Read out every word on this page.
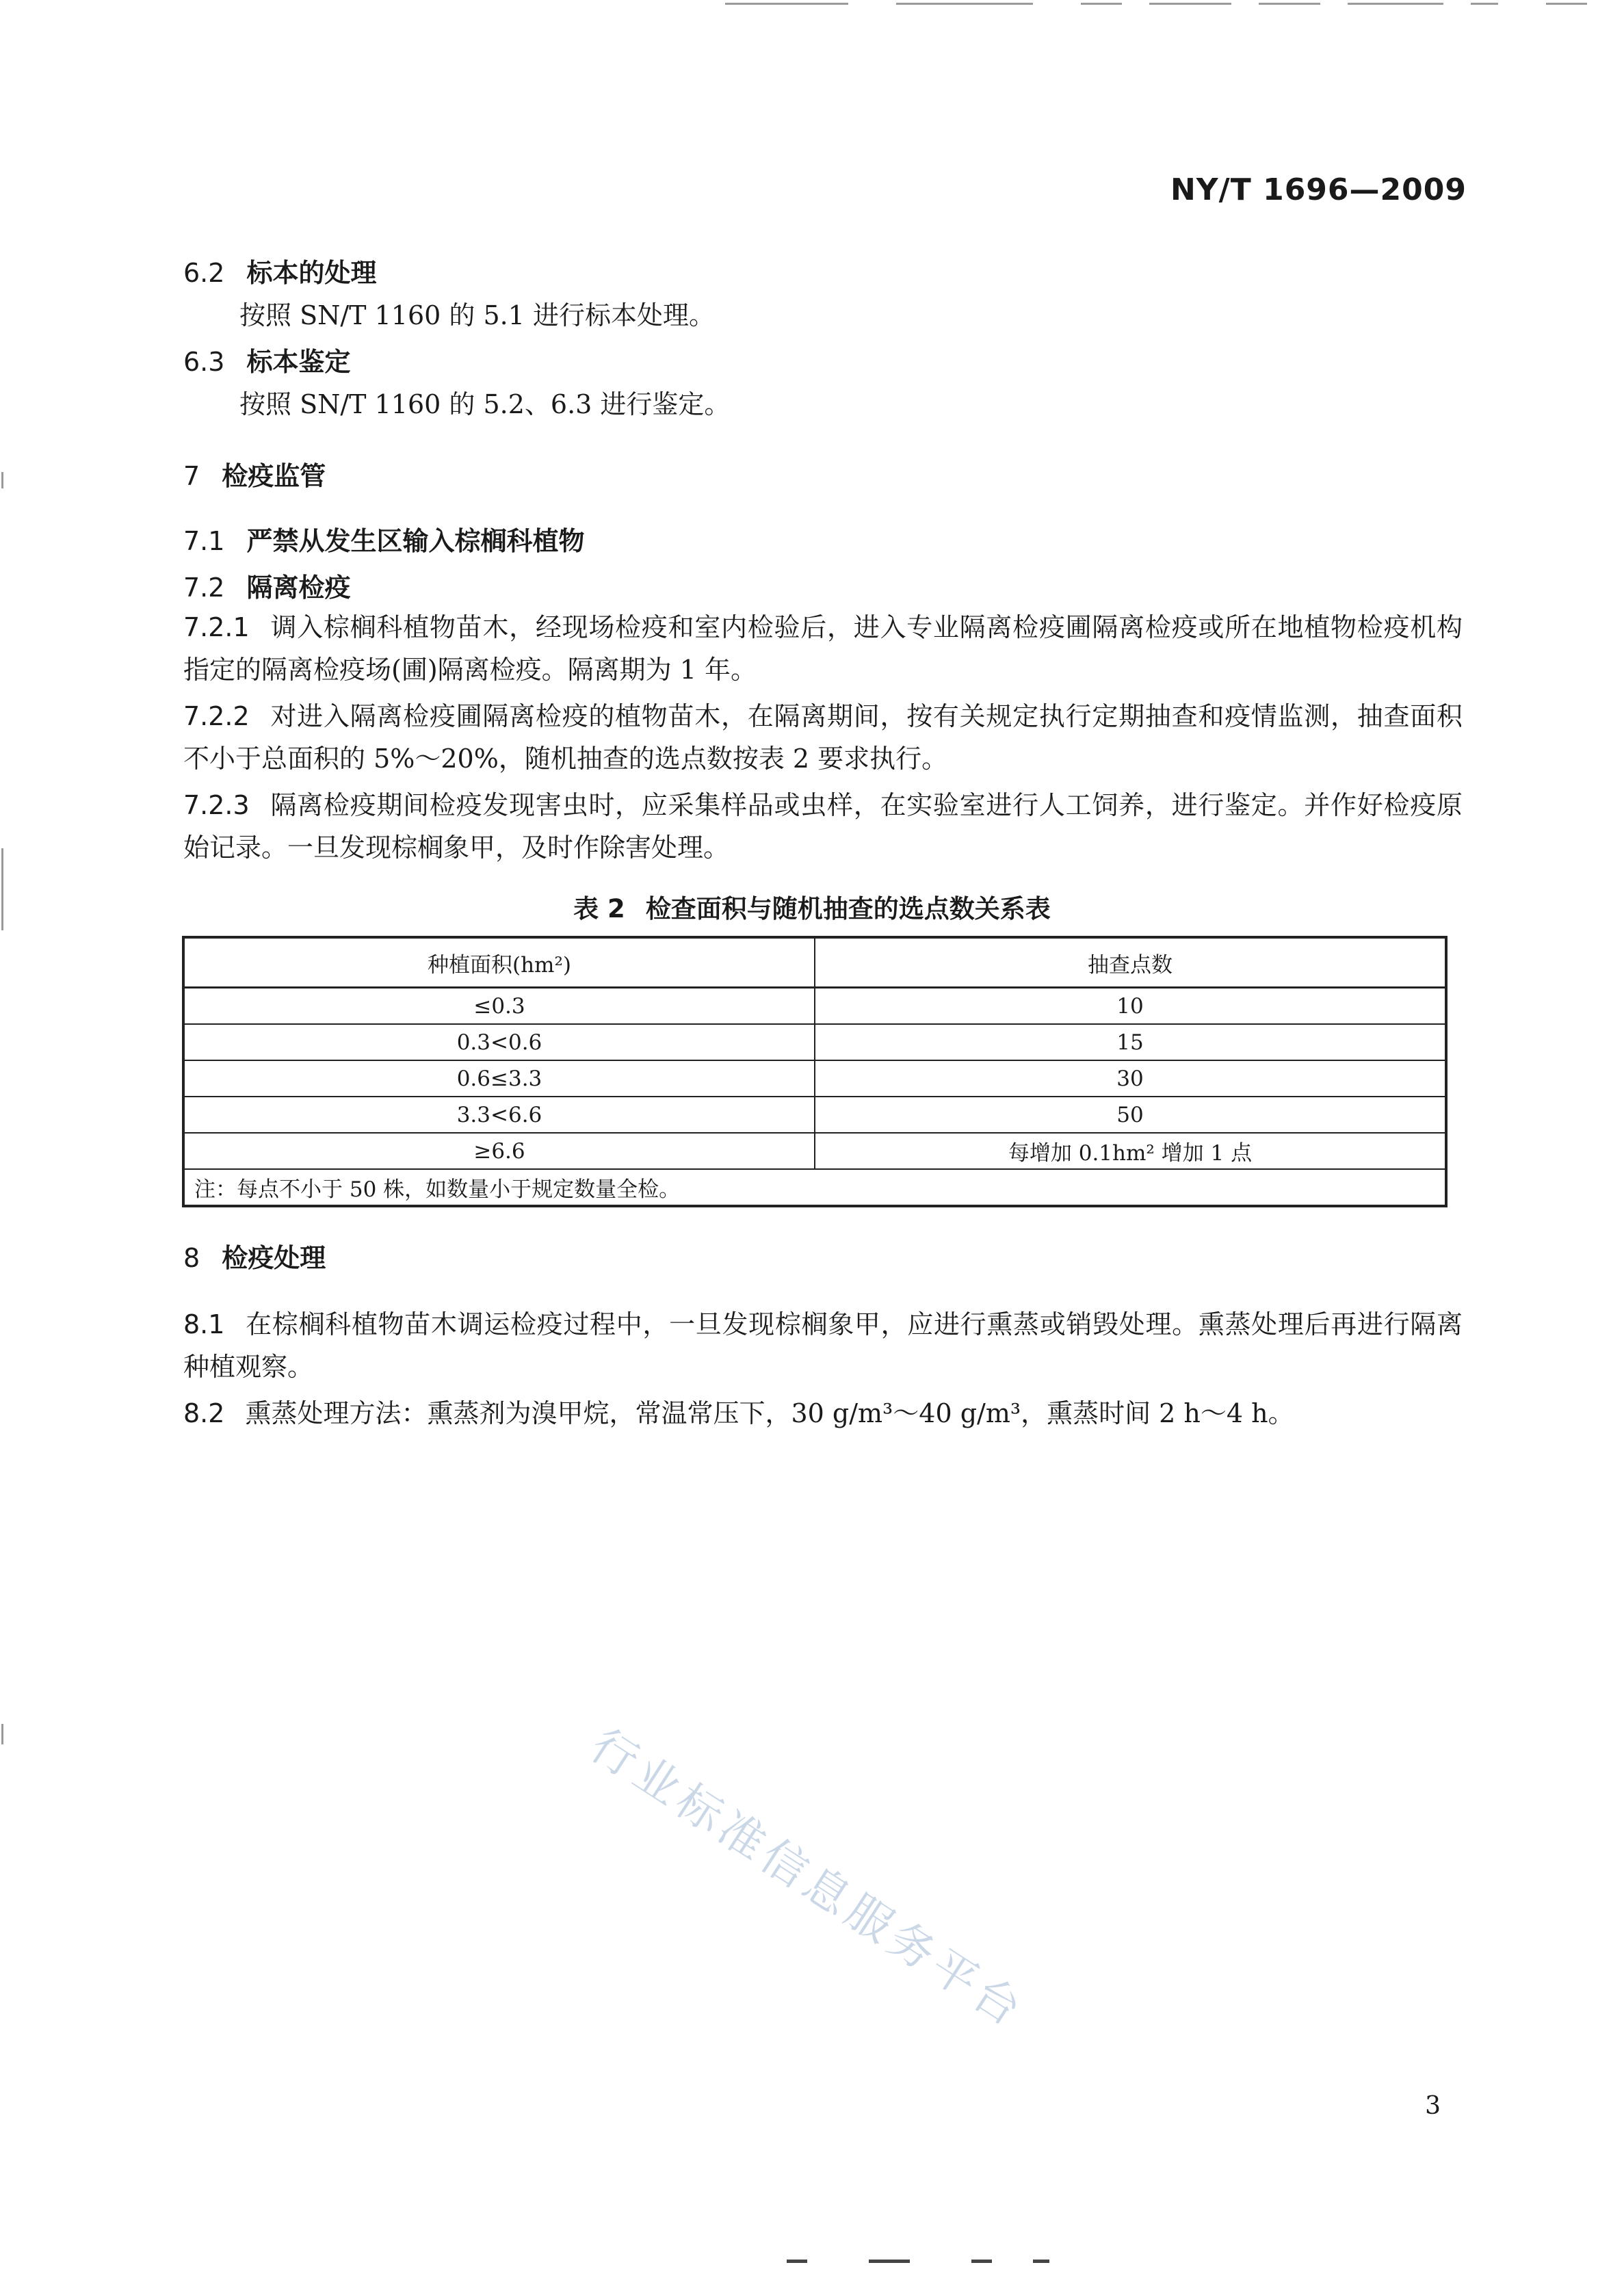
NY/T 1696—2009
6.2 标本的处理
按照 SN/T 1160 的 5.1 进行标本处理。
6.3 标本鉴定
按照 SN/T 1160 的 5.2、6.3 进行鉴定。
7 检疫监管
7.1 严禁从发生区输入棕榈科植物
7.2 隔离检疫
7.2.1 调入棕榈科植物苗木，经现场检疫和室内检验后，进入专业隔离检疫圃隔离检疫或所在地植物检疫机构指定的隔离检疫场(圃)隔离检疫。隔离期为 1 年。
7.2.2 对进入隔离检疫圃隔离检疫的植物苗木，在隔离期间，按有关规定执行定期抽查和疫情监测，抽查面积不小于总面积的 5%～20%，随机抽查的选点数按表 2 要求执行。
7.2.3 隔离检疫期间检疫发现害虫时，应采集样品或虫样，在实验室进行人工饲养，进行鉴定。并作好检疫原始记录。一旦发现棕榈象甲，及时作除害处理。
表 2 检查面积与随机抽查的选点数关系表
种植面积(hm²)	抽查点数
≤0.3	10
0.3<0.6	15
0.6≤3.3	30
3.3<6.6	50
≥6.6	每增加 0.1hm² 增加 1 点
注：每点不小于 50 株，如数量小于规定数量全检。	
8 检疫处理
8.1 在棕榈科植物苗木调运检疫过程中，一旦发现棕榈象甲，应进行熏蒸或销毁处理。熏蒸处理后再进行隔离种植观察。
8.2 熏蒸处理方法：熏蒸剂为溴甲烷，常温常压下，30 g/m³～40 g/m³，熏蒸时间 2 h～4 h。
行业标准信息服务平台
3
